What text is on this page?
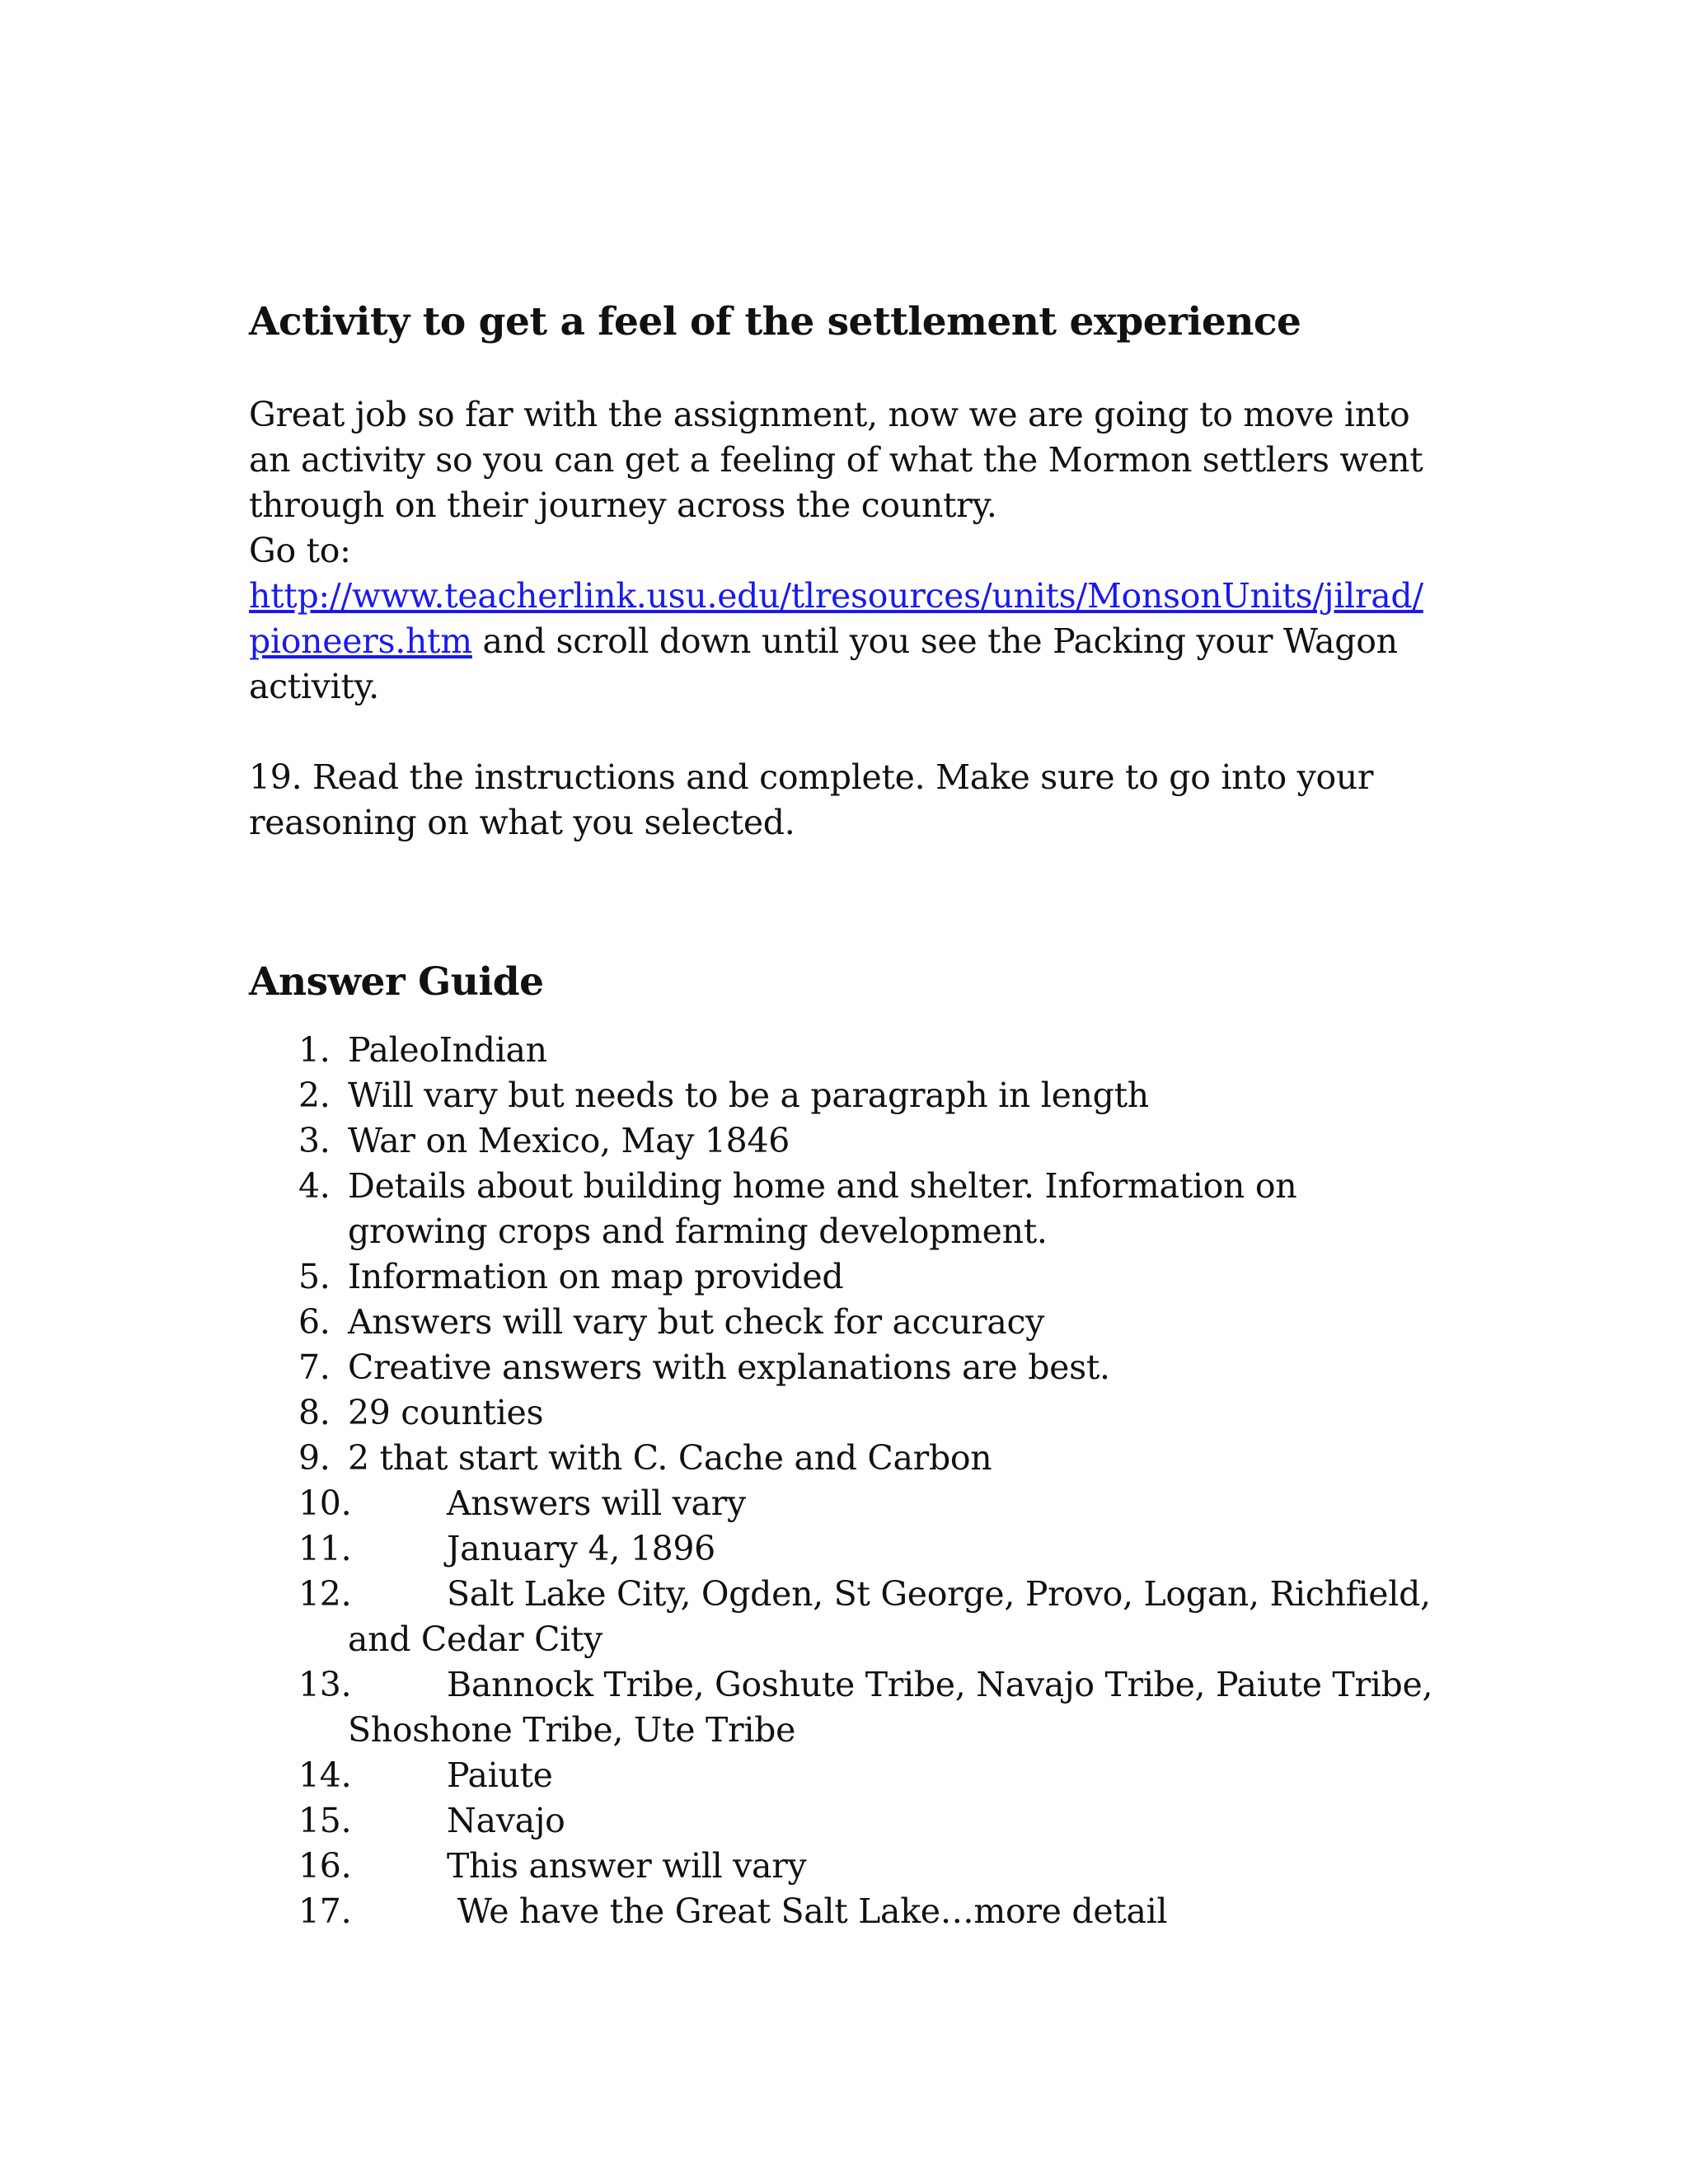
Activity to get a feel of the settlement experience

Great job so far with the assignment, now we are going to move into an activity so you can get a feeling of what the Mormon settlers went through on their journey across the country.

Go to:

http://www.teacherlink.usu.edu/tlresources/units/MonsonUnits/jilrad/pioneers.htm and scroll down until you see the Packing your Wagon activity.

19. Read the instructions and complete. Make sure to go into your reasoning on what you selected.

Answer Guide
1. PaleoIndian
2. Will vary but needs to be a paragraph in length
3. War on Mexico, May 1846
4. Details about building home and shelter. Information on growing crops and farming development.
5. Information on map provided
6. Answers will vary but check for accuracy
7. Creative answers with explanations are best.
8. 29 counties
9. 2 that start with C. Cache and Carbon
10.	Answers will vary
11.	January 4, 1896
12.	Salt Lake City, Ogden, St George, Provo, Logan, Richfield, and Cedar City
13.	Bannock Tribe, Goshute Tribe, Navajo Tribe, Paiute Tribe, Shoshone Tribe, Ute Tribe
14.	Paiute
15.	Navajo
16.	This answer will vary
17.	We have the Great Salt Lake…more detail
